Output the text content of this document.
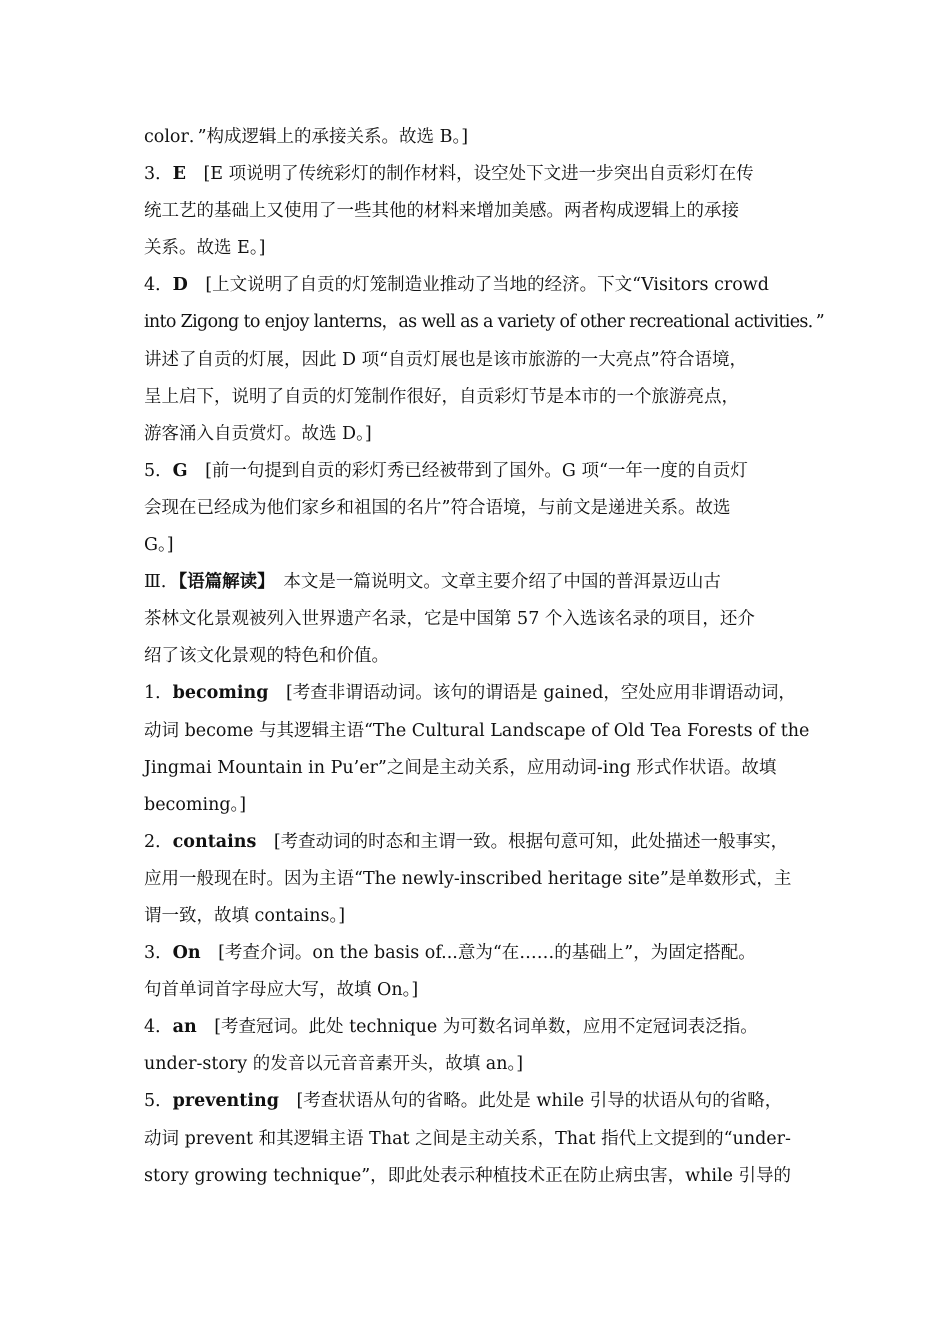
color．”构成逻辑上的承接关系。故选 B。]
3．E　[E 项说明了传统彩灯的制作材料，设空处下文进一步突出自贡彩灯在传
统工艺的基础上又使用了一些其他的材料来增加美感。两者构成逻辑上的承接
关系。故选 E。]
4．D　[上文说明了自贡的灯笼制造业推动了当地的经济。下文“Visitors crowd
into Zigong to enjoy lanterns，as well as a variety of other recreational activities．”
讲述了自贡的灯展，因此 D 项“自贡灯展也是该市旅游的一大亮点”符合语境，
呈上启下，说明了自贡的灯笼制作很好，自贡彩灯节是本市的一个旅游亮点，
游客涌入自贡赏灯。故选 D。]
5．G　[前一句提到自贡的彩灯秀已经被带到了国外。G 项“一年一度的自贡灯
会现在已经成为他们家乡和祖国的名片”符合语境，与前文是递进关系。故选
G。]
Ⅲ．【语篇解读】　本文是一篇说明文。文章主要介绍了中国的普洱景迈山古
茶林文化景观被列入世界遗产名录，它是中国第 57 个入选该名录的项目，还介
绍了该文化景观的特色和价值。
1．becoming　[考查非谓语动词。该句的谓语是 gained，空处应用非谓语动词，
动词 become 与其逻辑主语“The Cultural Landscape of Old Tea Forests of the
Jingmai Mountain in Pu’er”之间是主动关系，应用动词-ing 形式作状语。故填
becoming。]
2．contains　[考查动词的时态和主谓一致。根据句意可知，此处描述一般事实，
应用一般现在时。因为主语“The newly-inscribed heritage site”是单数形式，主
谓一致，故填 contains。]
3．On　[考查介词。on the basis of...意为“在……的基础上”，为固定搭配。
句首单词首字母应大写，故填 On。]
4．an　[考查冠词。此处 technique 为可数名词单数，应用不定冠词表泛指。
under-story 的发音以元音音素开头，故填 an。]
5．preventing　[考查状语从句的省略。此处是 while 引导的状语从句的省略，
动词 prevent 和其逻辑主语 That 之间是主动关系，That 指代上文提到的“under-
story growing technique”，即此处表示种植技术正在防止病虫害，while 引导的
